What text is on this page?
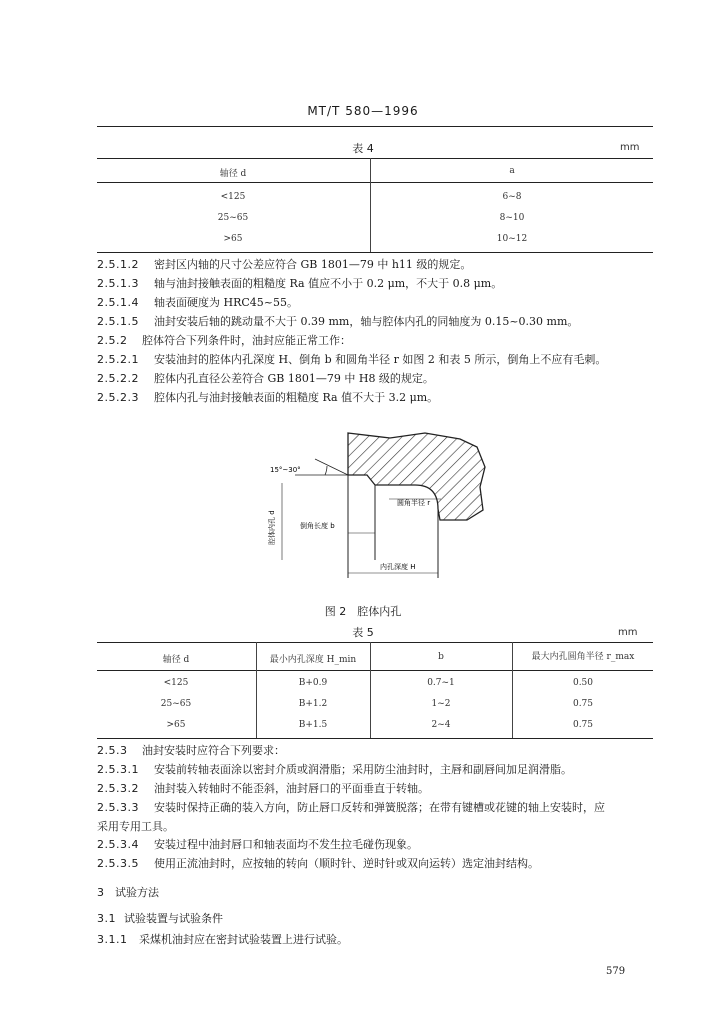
MT/T 580—1996
表 4	mm
轴径 d	a
<125	6~8
25~65	8~10
>65	10~12
2.5.1.2 密封区内轴的尺寸公差应符合 GB 1801—79 中 h11 级的规定。
2.5.1.3 轴与油封接触表面的粗糙度 Ra 值应不小于 0.2 μm，不大于 0.8 μm。
2.5.1.4 轴表面硬度为 HRC45~55。
2.5.1.5 油封安装后轴的跳动量不大于 0.39 mm，轴与腔体内孔的同轴度为 0.15~0.30 mm。
2.5.2 腔体符合下列条件时，油封应能正常工作：
2.5.2.1 安装油封的腔体内孔深度 H、倒角 b 和圆角半径 r 如图 2 和表 5 所示，倒角上不应有毛刺。
2.5.2.2 腔体内孔直径公差符合 GB 1801—79 中 H8 级的规定。
2.5.2.3 腔体内孔与油封接触表面的粗糙度 Ra 值不大于 3.2 μm。
15°~30°
圆角半径 r
腔体内孔 d	倒角长度 b
内孔深度 H
图 2　腔体内孔
表 5	mm
轴径 d	最小内孔深度 H_min	b	最大内孔圆角半径 r_max
<125	B+0.9	0.7~1	0.50
25~65	B+1.2	1~2	0.75
>65	B+1.5	2~4	0.75
2.5.3 油封安装时应符合下列要求：
2.5.3.1 安装前转轴表面涂以密封介质或润滑脂；采用防尘油封时，主唇和副唇间加足润滑脂。
2.5.3.2 油封装入转轴时不能歪斜，油封唇口的平面垂直于转轴。
2.5.3.3 安装时保持正确的装入方向，防止唇口反转和弹簧脱落；在带有键槽或花键的轴上安装时，应
采用专用工具。
2.5.3.4 安装过程中油封唇口和轴表面均不发生拉毛碰伤现象。
2.5.3.5 使用正流油封时，应按轴的转向（顺时针、逆时针或双向运转）选定油封结构。
3 试验方法
3.1 试验装置与试验条件
3.1.1 采煤机油封应在密封试验装置上进行试验。
579
